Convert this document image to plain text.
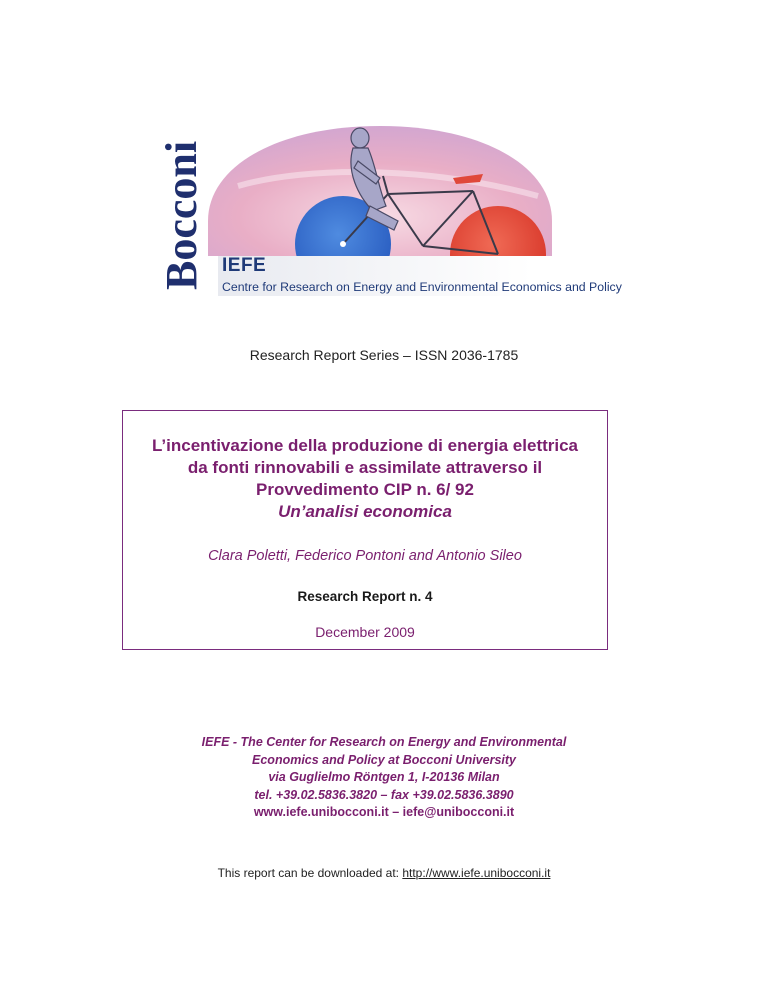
Bocconi IEFE
Centre for Research on Energy and Environmental Economics and Policy
Research Report Series – ISSN 2036-1785
L’incentivazione della produzione di energia elettrica
da fonti rinnovabili e assimilate attraverso il
Provvedimento CIP n. 6/ 92
Un’analisi economica
Clara Poletti, Federico Pontoni and Antonio Sileo
Research Report n. 4
December 2009
IEFE - The Center for Research on Energy and Environmental
Economics and Policy at Bocconi University
via Guglielmo Röntgen 1, I-20136 Milan
tel. +39.02.5836.3820 – fax +39.02.5836.3890
www.iefe.unibocconi.it – iefe@unibocconi.it
This report can be downloaded at: http://www.iefe.unibocconi.it
